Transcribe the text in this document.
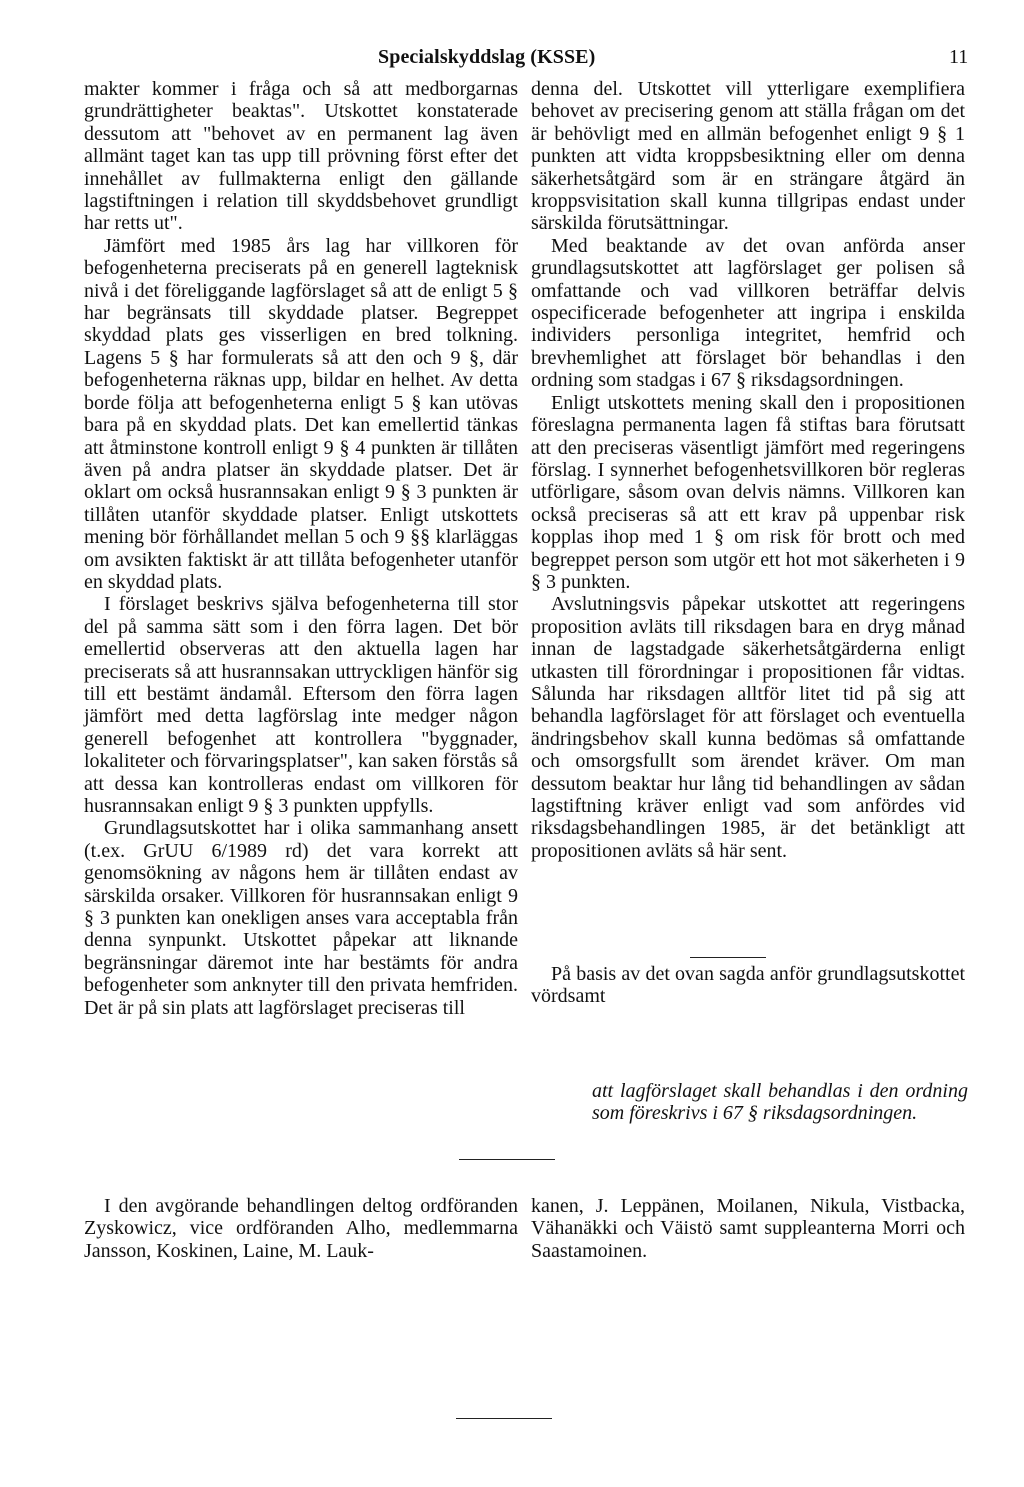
Specialskyddslag (KSSE)	11

makter kommer i fråga och så att medborgarnas grundrättigheter beaktas". Utskottet konstaterade dessutom att "behovet av en permanent lag även allmänt taget kan tas upp till prövning först efter det innehållet av fullmakterna enligt den gällande lagstiftningen i relation till skyddsbehovet grundligt har retts ut".

Jämfört med 1985 års lag har villkoren för befogenheterna preciserats på en generell lagteknisk nivå i det föreliggande lagförslaget så att de enligt 5 § har begränsats till skyddade platser. Begreppet skyddad plats ges visserligen en bred tolkning. Lagens 5 § har formulerats så att den och 9 §, där befogenheterna räknas upp, bildar en helhet. Av detta borde följa att befogenheterna enligt 5 § kan utövas bara på en skyddad plats. Det kan emellertid tänkas att åtminstone kontroll enligt 9 § 4 punkten är tillåten även på andra platser än skyddade platser. Det är oklart om också husrannsakan enligt 9 § 3 punkten är tillåten utanför skyddade platser. Enligt utskottets mening bör förhållandet mellan 5 och 9 §§ klarläggas om avsikten faktiskt är att tillåta befogenheter utanför en skyddad plats.

I förslaget beskrivs själva befogenheterna till stor del på samma sätt som i den förra lagen. Det bör emellertid observeras att den aktuella lagen har preciserats så att husrannsakan uttryckligen hänför sig till ett bestämt ändamål. Eftersom den förra lagen jämfört med detta lagförslag inte medger någon generell befogenhet att kontrollera "byggnader, lokaliteter och förvaringsplatser", kan saken förstås så att dessa kan kontrolleras endast om villkoren för husrannsakan enligt 9 § 3 punkten uppfylls.

Grundlagsutskottet har i olika sammanhang ansett (t.ex. GrUU 6/1989 rd) det vara korrekt att genomsökning av någons hem är tillåten endast av särskilda orsaker. Villkoren för husrannsakan enligt 9 § 3 punkten kan onekligen anses vara acceptabla från denna synpunkt. Utskottet påpekar att liknande begränsningar däremot inte har bestämts för andra befogenheter som anknyter till den privata hemfriden. Det är på sin plats att lagförslaget preciseras till

denna del. Utskottet vill ytterligare exemplifiera behovet av precisering genom att ställa frågan om det är behövligt med en allmän befogenhet enligt 9 § 1 punkten att vidta kroppsbesiktning eller om denna säkerhetsåtgärd som är en strängare åtgärd än kroppsvisitation skall kunna tillgripas endast under särskilda förutsättningar.

Med beaktande av det ovan anförda anser grundlagsutskottet att lagförslaget ger polisen så omfattande och vad villkoren beträffar delvis ospecificerade befogenheter att ingripa i enskilda individers personliga integritet, hemfrid och brevhemlighet att förslaget bör behandlas i den ordning som stadgas i 67 § riksdagsordningen.

Enligt utskottets mening skall den i propositionen föreslagna permanenta lagen få stiftas bara förutsatt att den preciseras väsentligt jämfört med regeringens förslag. I synnerhet befogenhetsvillkoren bör regleras utförligare, såsom ovan delvis nämns. Villkoren kan också preciseras så att ett krav på uppenbar risk kopplas ihop med 1 § om risk för brott och med begreppet person som utgör ett hot mot säkerheten i 9 § 3 punkten.

Avslutningsvis påpekar utskottet att regeringens proposition avläts till riksdagen bara en dryg månad innan de lagstadgade säkerhetsåtgärderna enligt utkasten till förordningar i propositionen får vidtas. Sålunda har riksdagen alltför litet tid på sig att behandla lagförslaget för att förslaget och eventuella ändringsbehov skall kunna bedömas så omfattande och omsorgsfullt som ärendet kräver. Om man dessutom beaktar hur lång tid behandlingen av sådan lagstiftning kräver enligt vad som anfördes vid riksdagsbehandlingen 1985, är det betänkligt att propositionen avläts så här sent.

På basis av det ovan sagda anför grundlagsutskottet vördsamt

att lagförslaget skall behandlas i den ordning som föreskrivs i 67 § riksdagsordningen.

I den avgörande behandlingen deltog ordföranden Zyskowicz, vice ordföranden Alho, medlemmarna Jansson, Koskinen, Laine, M. Lauk-

kanen, J. Leppänen, Moilanen, Nikula, Vistbacka, Vähanäkki och Väistö samt suppleanterna Morri och Saastamoinen.
